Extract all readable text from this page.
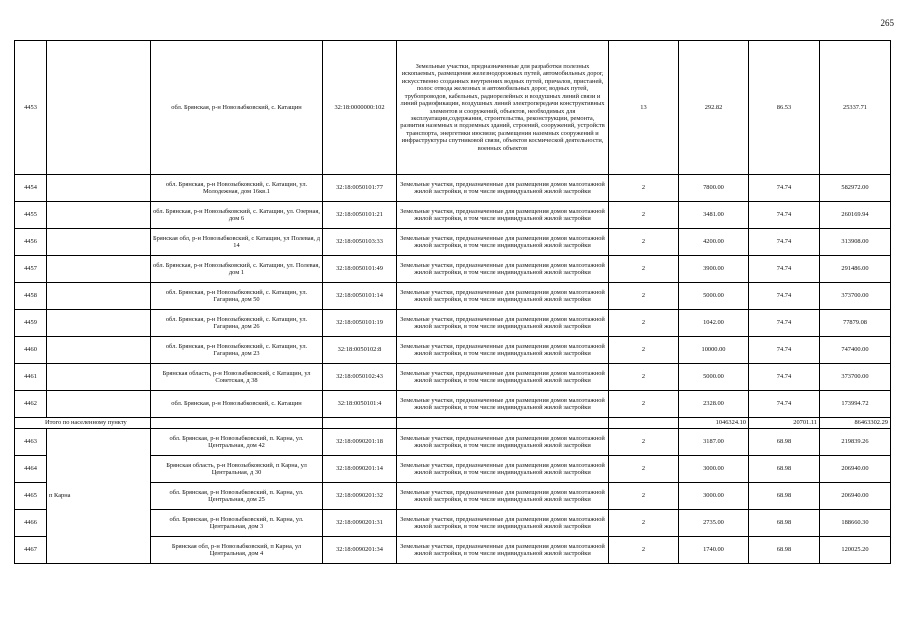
265
4453		обл. Брянская, р-н Новозыбковский, с. Катащин	32:18:0000000:102	Земельные участки, предназначенные для разработки полезных ископаемых, размещения железнодорожных путей, автомобильных дорог, искусственно созданных внутренних водных путей, причалов, пристаней, полос отвода железных и автомобильных дорог, водных путей, трубопроводов, кабельных, радиорелейных и воздушных линий связи и линий радиофикации, воздушных линий электропередачи конструктивных элементов и сооружений, объектов, необходимых для эксплуатации,содержания, строительства, реконструкции, ремонта, развития наземных и подземных зданий, строений, сооружений, устройств транспорта, энергетики июсвязи; размещения наземных сооружений и инфраструктуры спутниковой связи, объектов космической деятельности, военных объектов	13	292.82	86.53	25337.71
4454		обл. Брянская, р-н Новозыбковский, с. Катащин, ул. Молодежная, дом 16кв.1	32:18:0050101:77	Земельные участки, предназначенные для размещения домов малоэтажной жилой застройки, в том числе индивидуальной жилой застройки	2	7800.00	74.74	582972.00
4455		обл. Брянская, р-н Новозыбковский, с. Катащин, ул. Озерная, дом 6	32:18:0050101:21	Земельные участки, предназначенные для размещения домов малоэтажной жилой застройки, в том числе индивидуальной жилой застройки	2	3481.00	74.74	260169.94
4456		Брянская обл, р-н Новозыбковский, с Катащин, ул Полевая, д 14	32:18:0050103:33	Земельные участки, предназначенные для размещения домов малоэтажной жилой застройки, в том числе индивидуальной жилой застройки	2	4200.00	74.74	313908.00
4457		обл. Брянская, р-н Новозыбковский, с. Катащин, ул. Полевая, дом 1	32:18:0050101:49	Земельные участки, предназначенные для размещения домов малоэтажной жилой застройки, в том числе индивидуальной жилой застройки	2	3900.00	74.74	291486.00
4458		обл. Брянская, р-н Новозыбковский, с. Катащин, ул. Гагарина, дом 50	32:18:0050101:14	Земельные участки, предназначенные для размещения домов малоэтажной жилой застройки, в том числе индивидуальной жилой застройки	2	5000.00	74.74	373700.00
4459		обл. Брянская, р-н Новозыбковский, с. Катащин, ул. Гагарина, дом 26	32:18:0050101:19	Земельные участки, предназначенные для размещения домов малоэтажной жилой застройки, в том числе индивидуальной жилой застройки	2	1042.00	74.74	77879.08
4460		обл. Брянская, р-н Новозыбковский, с. Катащин, ул. Гагарина, дом 23	32:18:0050102:8	Земельные участки, предназначенные для размещения домов малоэтажной жилой застройки, в том числе индивидуальной жилой застройки	2	10000.00	74.74	747400.00
4461		Брянская область, р-н Новозыбковский, с Катащин, ул Советская, д 38	32:18:0050102:43	Земельные участки, предназначенные для размещения домов малоэтажной жилой застройки, в том числе индивидуальной жилой застройки	2	5000.00	74.74	373700.00
4462		обл. Брянская, р-н Новозыбковский, с. Катащин	32:18:0050101:4	Земельные участки, предназначенные для размещения домов малоэтажной жилой застройки, в том числе индивидуальной жилой застройки	2	2328.00	74.74	173994.72
Итого по населенному пункту						1046324.10	20701.11	86463302.29
4463	п Карна	обл. Брянская, р-н Новозыбковский, п. Карна, ул. Центральная, дом 42	32:18:0090201:18	Земельные участки, предназначенные для размещения домов малоэтажной жилой застройки, в том числе индивидуальной жилой застройки	2	3187.00	68.98	219839.26
4464		Брянская область, р-н Новозыбковский, п Карна, ул Центральная, д 30	32:18:0090201:14	Земельные участки, предназначенные для размещения домов малоэтажной жилой застройки, в том числе индивидуальной жилой застройки	2	3000.00	68.98	206940.00
4465		обл. Брянская, р-н Новозыбковский, п. Карна, ул. Центральная, дом 25	32:18:0090201:32	Земельные участки, предназначенные для размещения домов малоэтажной жилой застройки, в том числе индивидуальной жилой застройки	2	3000.00	68.98	206940.00
4466		обл. Брянская, р-н Новозыбковский, п. Карна, ул. Центральная, дом 3	32:18:0090201:31	Земельные участки, предназначенные для размещения домов малоэтажной жилой застройки, в том числе индивидуальной жилой застройки	2	2735.00	68.98	188660.30
4467		Брянская обл, р-н Новозыбковский, п Карна, ул Центральная, дом 4	32:18:0090201:34	Земельные участки, предназначенные для размещения домов малоэтажной жилой застройки, в том числе индивидуальной жилой застройки	2	1740.00	68.98	120025.20
